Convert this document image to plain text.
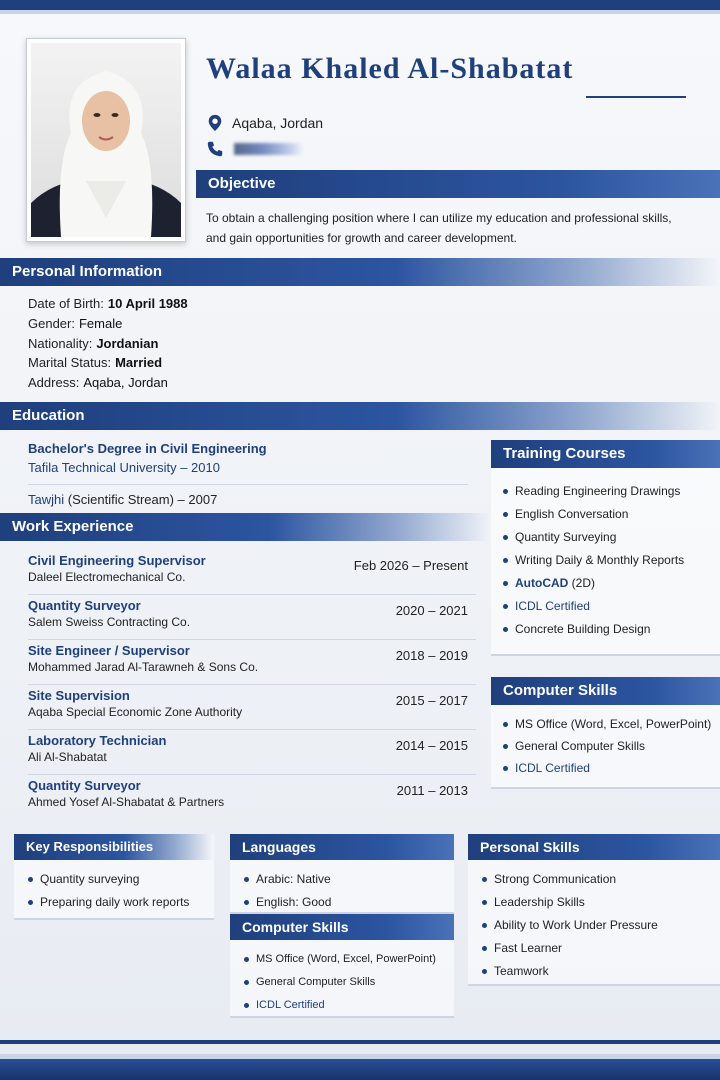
Walaa Khaled Al-Shabatat
Aqaba, Jordan
Objective
To obtain a challenging position where I can utilize my education and professional skills, and gain opportunities for growth and career development.
Personal Information
Date of Birth: 10 April 1988
Gender: Female
Nationality: Jordanian
Marital Status: Married
Address: Aqaba, Jordan
Education
Bachelor's Degree in Civil Engineering
Tafila Technical University – 2010
Tawjhi (Scientific Stream) – 2007
Work Experience
Civil Engineering Supervisor
Daleel Electromechanical Co.
Feb 2026 – Present
Quantity Surveyor
Salem Sweiss Contracting Co.
2020 – 2021
Site Engineer / Supervisor
Mohammed Jarad Al-Tarawneh & Sons Co.
2018 – 2019
Site Supervision
Aqaba Special Economic Zone Authority
2015 – 2017
Laboratory Technician
Ali Al-Shabatat
2014 – 2015
Quantity Surveyor
Ahmed Yosef Al-Shabatat & Partners
2011 – 2013
Training Courses
Reading Engineering Drawings
English Conversation
Quantity Surveying
Writing Daily & Monthly Reports
AutoCAD (2D)
ICDL Certified
Concrete Building Design
Computer Skills
MS Office (Word, Excel, PowerPoint)
General Computer Skills
ICDL Certified
Key Responsibilities
Quantity surveying
Preparing daily work reports
Languages
Arabic: Native
English: Good
Computer Skills
MS Office (Word, Excel, PowerPoint)
General Computer Skills
ICDL Certified
Personal Skills
Strong Communication
Leadership Skills
Ability to Work Under Pressure
Fast Learner
Teamwork
